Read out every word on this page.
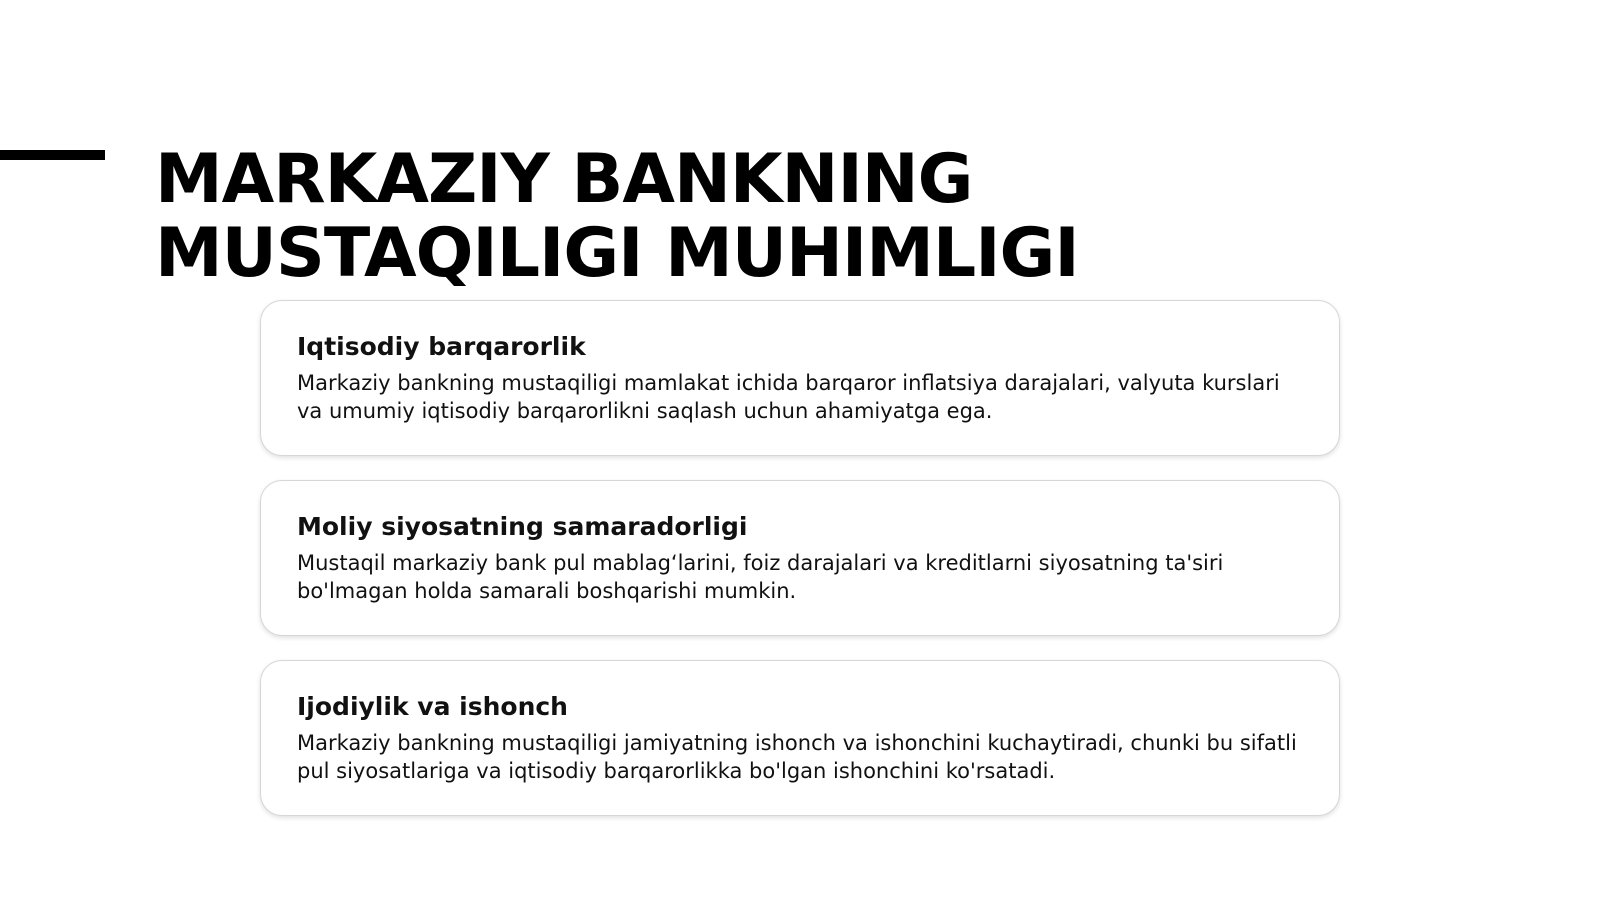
MARKAZIY BANKNING
MUSTAQILIGI MUHIMLIGI
Iqtisodiy barqarorlik

Markaziy bankning mustaqiligi mamlakat ichida barqaror inflatsiya darajalari, valyuta kurslari va umumiy iqtisodiy barqarorlikni saqlash uchun ahamiyatga ega.

Moliy siyosatning samaradorligi

Mustaqil markaziy bank pul mablag‘larini, foiz darajalari va kreditlarni siyosatning ta'siri bo'lmagan holda samarali boshqarishi mumkin.

Ijodiylik va ishonch

Markaziy bankning mustaqiligi jamiyatning ishonch va ishonchini kuchaytiradi, chunki bu sifatli pul siyosatlariga va iqtisodiy barqarorlikka bo'lgan ishonchini ko'rsatadi.
